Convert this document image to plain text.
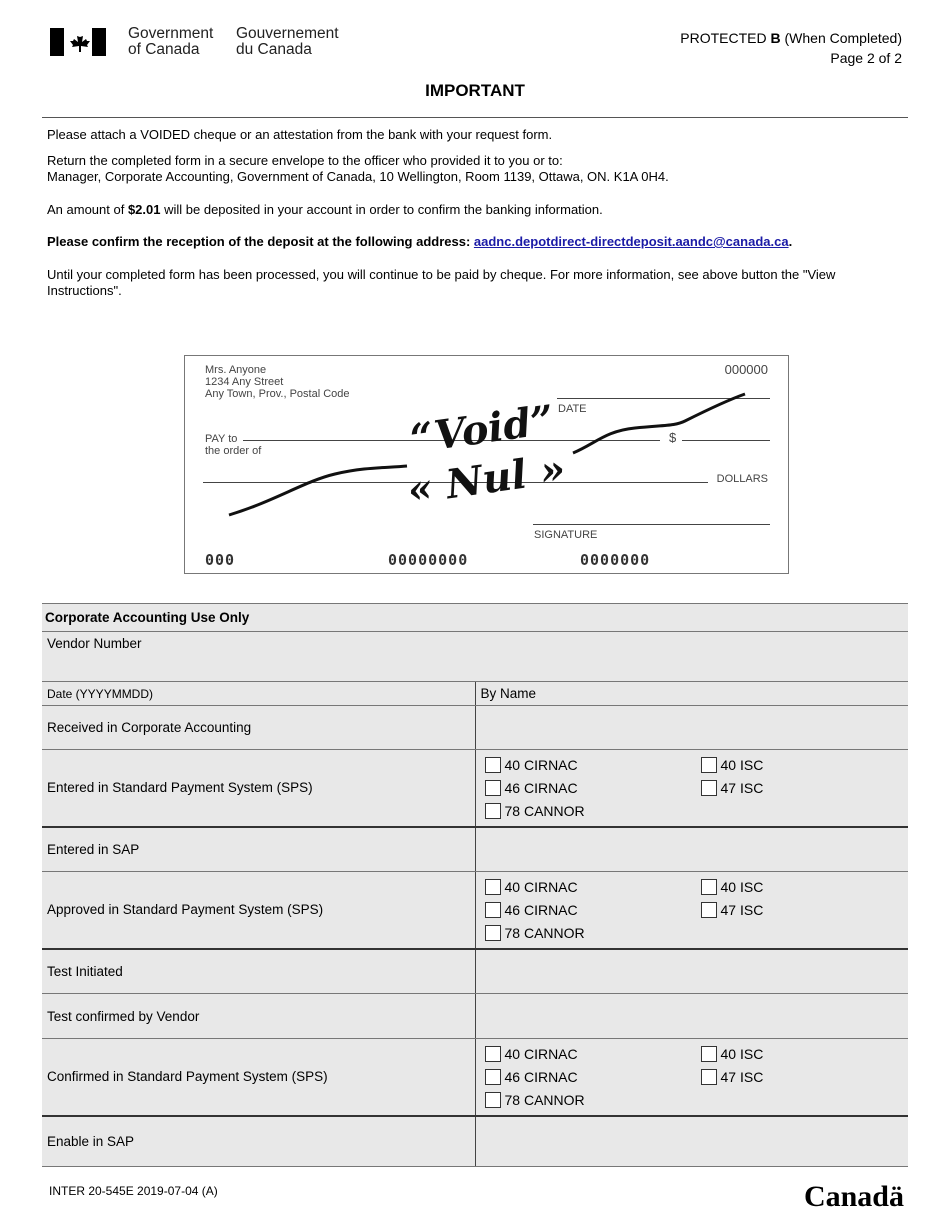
Government
of Canada
Gouvernement
du Canada
PROTECTED B (When Completed)
Page 2 of 2
IMPORTANT
Please attach a VOIDED cheque or an attestation from the bank with your request form.
Return the completed form in a secure envelope to the officer who provided it to you or to:
Manager, Corporate Accounting, Government of Canada, 10 Wellington, Room 1139, Ottawa, ON. K1A 0H4.
An amount of $2.01 will be deposited in your account in order to confirm the banking information.
Please confirm the reception of the deposit at the following address: aadnc.depotdirect-directdeposit.aandc@canada.ca.
Until your completed form has been processed, you will continue to be paid by cheque. For more information, see above button the "View Instructions".
Mrs. Anyone
1234 Any Street
Any Town, Prov., Postal Code
000000
DATE
PAY to
the order of
$
DOLLARS
SIGNATURE
“Void”
« Nul »
000	00000000	0000000
Corporate Accounting Use Only	
Vendor Number	
Date (YYYYMMDD)	By Name
Received in Corporate Accounting	
Entered in Standard Payment System (SPS)	40 CIRNAC 40 ISC
46 CIRNAC 47 ISC
78 CANNOR

Entered in SAP	
Approved in Standard Payment System (SPS)	40 CIRNAC 40 ISC
46 CIRNAC 47 ISC
78 CANNOR

Test Initiated	
Test confirmed by Vendor	
Confirmed in Standard Payment System (SPS)	40 CIRNAC 40 ISC
46 CIRNAC 47 ISC
78 CANNOR

Enable in SAP	
INTER 20-545E 2019-07-04 (A)	Canadä
